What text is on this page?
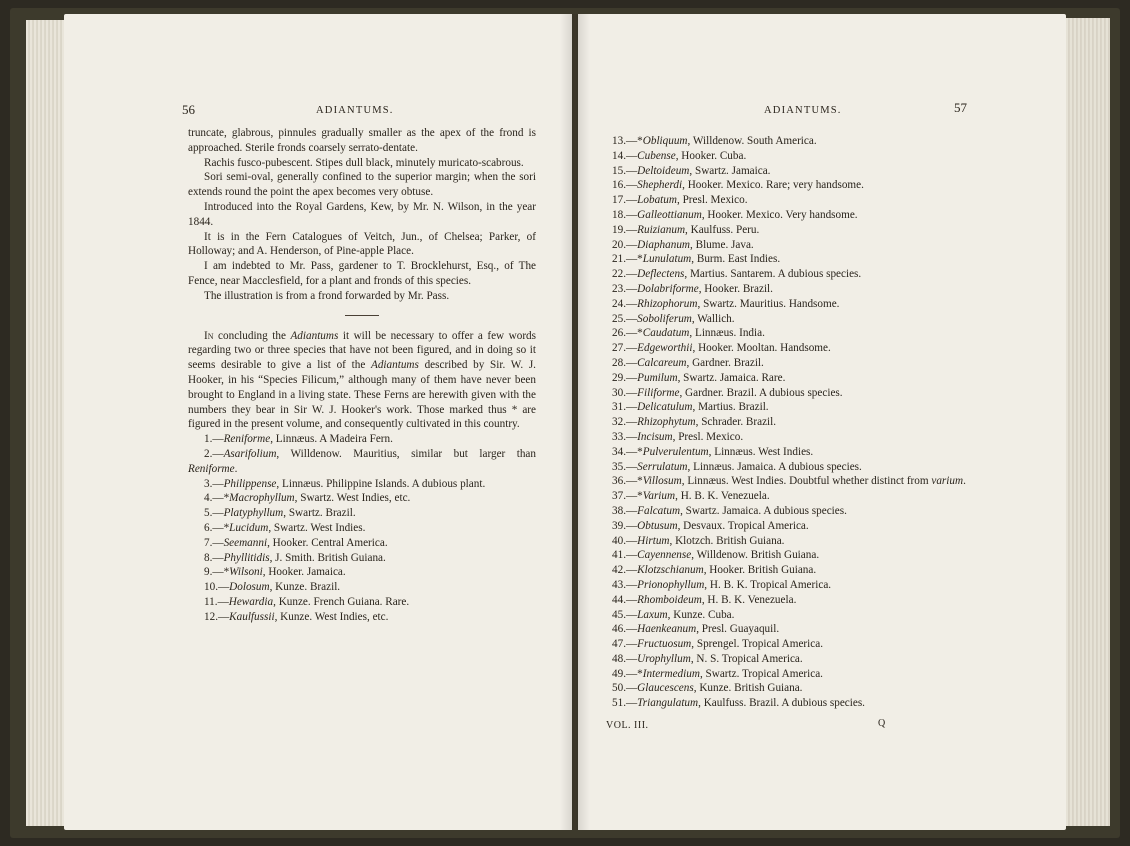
56	ADIANTUMS.

truncate, glabrous, pinnules gradually smaller as the apex of the frond is approached. Sterile fronds coarsely serrato-dentate.

Rachis fusco-pubescent. Stipes dull black, minutely muricato-scabrous.

Sori semi-oval, generally confined to the superior margin; when the sori extends round the point the apex becomes very obtuse.

Introduced into the Royal Gardens, Kew, by Mr. N. Wilson, in the year 1844.

It is in the Fern Catalogues of Veitch, Jun., of Chelsea; Parker, of Holloway; and A. Henderson, of Pine-apple Place.

I am indebted to Mr. Pass, gardener to T. Brocklehurst, Esq., of The Fence, near Macclesfield, for a plant and fronds of this species.

The illustration is from a frond forwarded by Mr. Pass.

In concluding the Adiantums it will be necessary to offer a few words regarding two or three species that have not been figured, and in doing so it seems desirable to give a list of the Adiantums described by Sir. W. J. Hooker, in his “Species Filicum,” although many of them have never been brought to England in a living state. These Ferns are herewith given with the numbers they bear in Sir W. J. Hooker's work. Those marked thus * are figured in the present volume, and consequently cultivated in this country.

1.—Reniforme, Linnæus. A Madeira Fern.

2.—Asarifolium, Willdenow. Mauritius, similar but larger than Reniforme.

3.—Philippense, Linnæus. Philippine Islands. A dubious plant.

4.—*Macrophyllum, Swartz. West Indies, etc.

5.—Platyphyllum, Swartz. Brazil.

6.—*Lucidum, Swartz. West Indies.

7.—Seemanni, Hooker. Central America.

8.—Phyllitidis, J. Smith. British Guiana.

9.—*Wilsoni, Hooker. Jamaica.

10.—Dolosum, Kunze. Brazil.

11.—Hewardia, Kunze. French Guiana. Rare.

12.—Kaulfussii, Kunze. West Indies, etc.

ADIANTUMS.	57

13.—*Obliquum, Willdenow. South America.

14.—Cubense, Hooker. Cuba.

15.—Deltoideum, Swartz. Jamaica.

16.—Shepherdi, Hooker. Mexico. Rare; very handsome.

17.—Lobatum, Presl. Mexico.

18.—Galleottianum, Hooker. Mexico. Very handsome.

19.—Ruizianum, Kaulfuss. Peru.

20.—Diaphanum, Blume. Java.

21.—*Lunulatum, Burm. East Indies.

22.—Deflectens, Martius. Santarem. A dubious species.

23.—Dolabriforme, Hooker. Brazil.

24.—Rhizophorum, Swartz. Mauritius. Handsome.

25.—Soboliferum, Wallich.

26.—*Caudatum, Linnæus. India.

27.—Edgeworthii, Hooker. Mooltan. Handsome.

28.—Calcareum, Gardner. Brazil.

29.—Pumilum, Swartz. Jamaica. Rare.

30.—Filiforme, Gardner. Brazil. A dubious species.

31.—Delicatulum, Martius. Brazil.

32.—Rhizophytum, Schrader. Brazil.

33.—Incisum, Presl. Mexico.

34.—*Pulverulentum, Linnæus. West Indies.

35.—Serrulatum, Linnæus. Jamaica. A dubious species.

36.—*Villosum, Linnæus. West Indies. Doubtful whether distinct from varium.

37.—*Varium, H. B. K. Venezuela.

38.—Falcatum, Swartz. Jamaica. A dubious species.

39.—Obtusum, Desvaux. Tropical America.

40.—Hirtum, Klotzch. British Guiana.

41.—Cayennense, Willdenow. British Guiana.

42.—Klotzschianum, Hooker. British Guiana.

43.—Prionophyllum, H. B. K. Tropical America.

44.—Rhomboideum, H. B. K. Venezuela.

45.—Laxum, Kunze. Cuba.

46.—Haenkeanum, Presl. Guayaquil.

47.—Fructuosum, Sprengel. Tropical America.

48.—Urophyllum, N. S. Tropical America.

49.—*Intermedium, Swartz. Tropical America.

50.—Glaucescens, Kunze. British Guiana.

51.—Triangulatum, Kaulfuss. Brazil. A dubious species.

VOL. III.	Q
